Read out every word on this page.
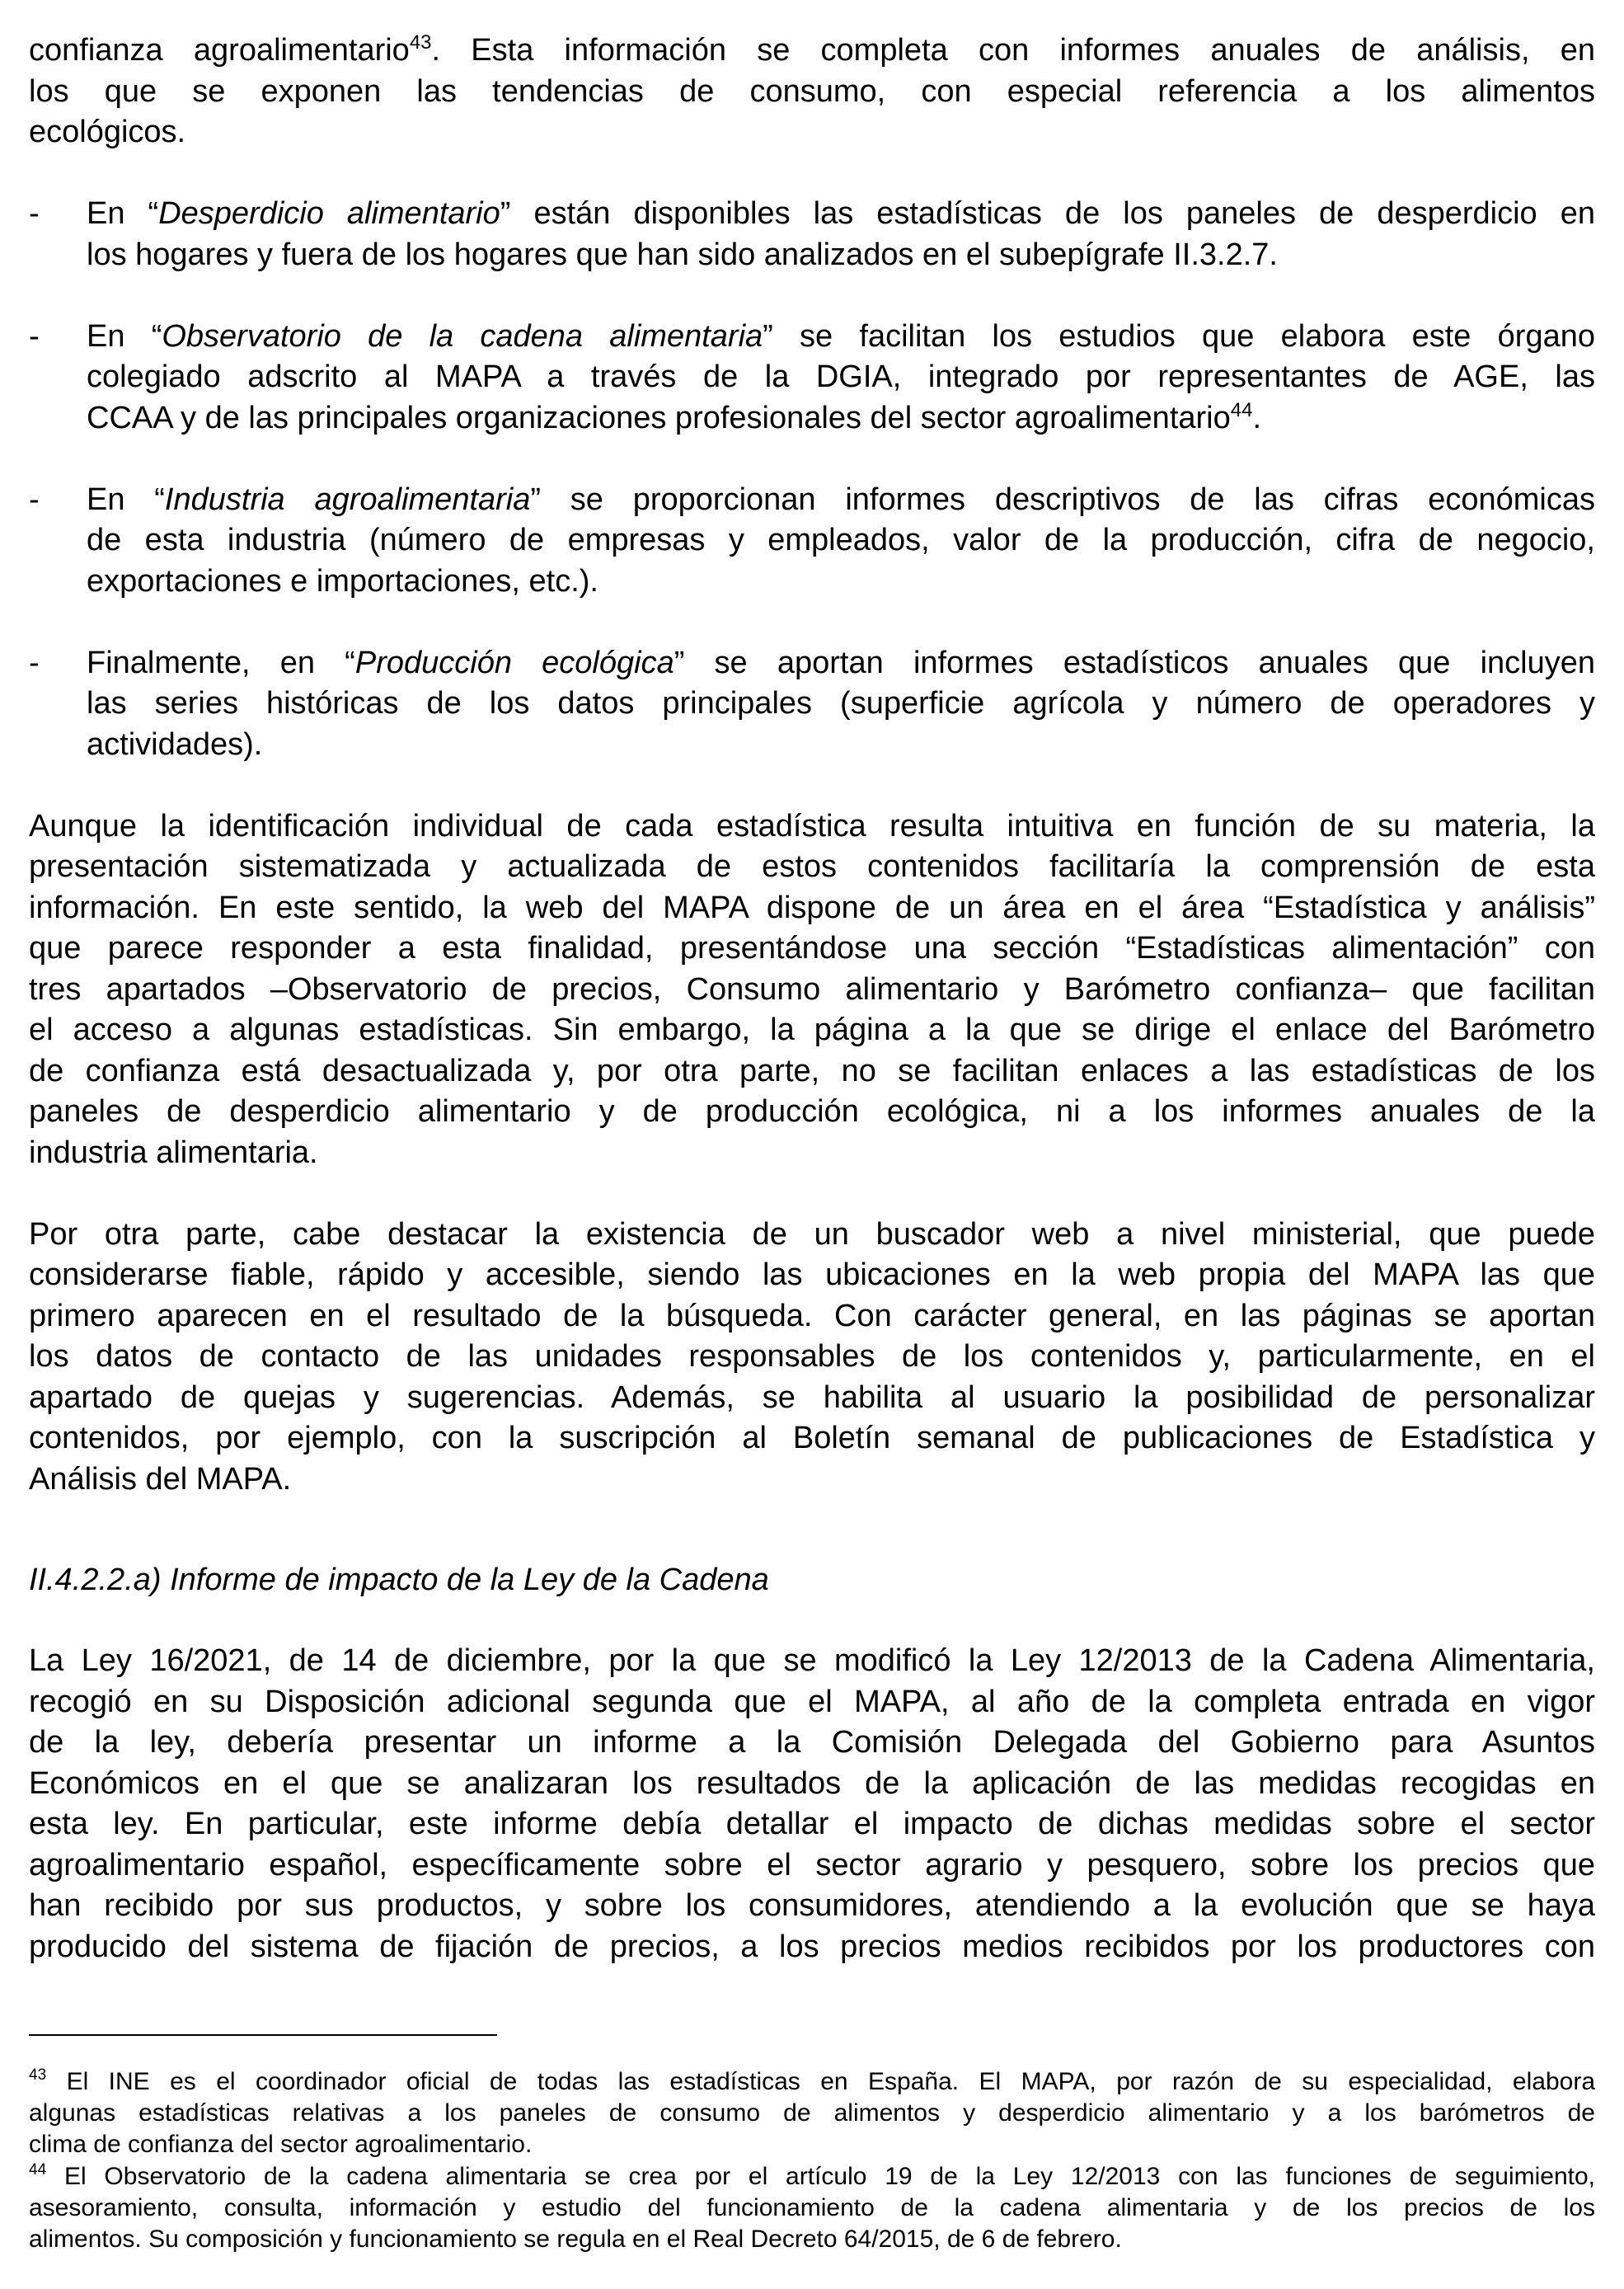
confianza agroalimentario$^{43}$. Esta información se completa con informes anuales de análisis, en
los que se exponen las tendencias de consumo, con especial referencia a los alimentos
ecológicos.
- En “Desperdicio alimentario” están disponibles las estadísticas de los paneles de desperdicio en
los hogares y fuera de los hogares que han sido analizados en el subepígrafe II.3.2.7.
- En “Observatorio de la cadena alimentaria” se facilitan los estudios que elabora este órgano
colegiado adscrito al MAPA a través de la DGIA, integrado por representantes de AGE, las
CCAA y de las principales organizaciones profesionales del sector agroalimentario$^{44}$.
- En “Industria agroalimentaria” se proporcionan informes descriptivos de las cifras económicas
de esta industria (número de empresas y empleados, valor de la producción, cifra de negocio,
exportaciones e importaciones, etc.).
- Finalmente, en “Producción ecológica” se aportan informes estadísticos anuales que incluyen
las series históricas de los datos principales (superficie agrícola y número de operadores y
actividades).
Aunque la identificación individual de cada estadística resulta intuitiva en función de su materia, la
presentación sistematizada y actualizada de estos contenidos facilitaría la comprensión de esta
información. En este sentido, la web del MAPA dispone de un área en el área “Estadística y análisis”
que parece responder a esta finalidad, presentándose una sección “Estadísticas alimentación” con
tres apartados –Observatorio de precios, Consumo alimentario y Barómetro confianza– que facilitan
el acceso a algunas estadísticas. Sin embargo, la página a la que se dirige el enlace del Barómetro
de confianza está desactualizada y, por otra parte, no se facilitan enlaces a las estadísticas de los
paneles de desperdicio alimentario y de producción ecológica, ni a los informes anuales de la
industria alimentaria.
Por otra parte, cabe destacar la existencia de un buscador web a nivel ministerial, que puede
considerarse fiable, rápido y accesible, siendo las ubicaciones en la web propia del MAPA las que
primero aparecen en el resultado de la búsqueda. Con carácter general, en las páginas se aportan
los datos de contacto de las unidades responsables de los contenidos y, particularmente, en el
apartado de quejas y sugerencias. Además, se habilita al usuario la posibilidad de personalizar
contenidos, por ejemplo, con la suscripción al Boletín semanal de publicaciones de Estadística y
Análisis del MAPA.
II.4.2.2.a) Informe de impacto de la Ley de la Cadena
La Ley 16/2021, de 14 de diciembre, por la que se modificó la Ley 12/2013 de la Cadena Alimentaria,
recogió en su Disposición adicional segunda que el MAPA, al año de la completa entrada en vigor
de la ley, debería presentar un informe a la Comisión Delegada del Gobierno para Asuntos
Económicos en el que se analizaran los resultados de la aplicación de las medidas recogidas en
esta ley. En particular, este informe debía detallar el impacto de dichas medidas sobre el sector
agroalimentario español, específicamente sobre el sector agrario y pesquero, sobre los precios que
han recibido por sus productos, y sobre los consumidores, atendiendo a la evolución que se haya
producido del sistema de fijación de precios, a los precios medios recibidos por los productores con
$^{43}$ El INE es el coordinador oficial de todas las estadísticas en España. El MAPA, por razón de su especialidad, elabora
algunas estadísticas relativas a los paneles de consumo de alimentos y desperdicio alimentario y a los barómetros de
clima de confianza del sector agroalimentario.
$^{44}$ El Observatorio de la cadena alimentaria se crea por el artículo 19 de la Ley 12/2013 con las funciones de seguimiento,
asesoramiento, consulta, información y estudio del funcionamiento de la cadena alimentaria y de los precios de los
alimentos. Su composición y funcionamiento se regula en el Real Decreto 64/2015, de 6 de febrero.
